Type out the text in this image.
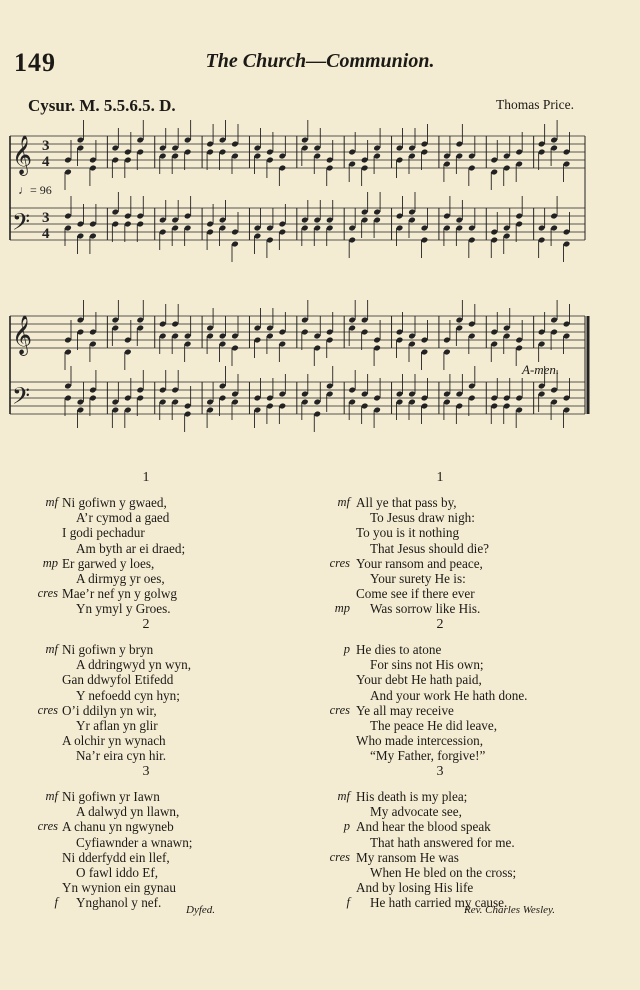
149	The Church—Communion.
Cysur. M. 5.5.6.5. D.	Thomas Price.
𝄞
𝄢
3
4
3
4
♩= 96
𝄞
𝄢
A-men.
1
mf Ni gofiwn y gwaed,
A’r cymod a gaed
I godi pechadur
Am byth ar ei draed;
mp Er garwed y loes,
A dirmyg yr oes,
cres Mae’r nef yn y golwg
Yn ymyl y Groes.
2
mf Ni gofiwn y bryn
A ddringwyd yn wyn,
Gan ddwyfol Etifedd
Y nefoedd cyn hyn;
cres O’i ddilyn yn wir,
Yr aflan yn glir
A olchir yn wynach
Na’r eira cyn hir.
3
mf Ni gofiwn yr Iawn
A dalwyd yn llawn,
cres A chanu yn ngwyneb
Cyfiawnder a wnawn;
Ni dderfydd ein llef,
O fawl iddo Ef,
Yn wynion ein gynau
f Ynghanol y nef.
1
mf All ye that pass by,
To Jesus draw nigh:
To you is it nothing
That Jesus should die?
cres Your ransom and peace,
Your surety He is:
Come see if there ever
mp Was sorrow like His.
2
p He dies to atone
For sins not His own;
Your debt He hath paid,
And your work He hath done.
cres Ye all may receive
The peace He did leave,
Who made intercession,
“My Father, forgive!”
3
mf His death is my plea;
My advocate see,
p And hear the blood speak
That hath answered for me.
cres My ransom He was
When He bled on the cross;
And by losing His life
f He hath carried my cause.
Dyfed.	Rev. Charles Wesley.
